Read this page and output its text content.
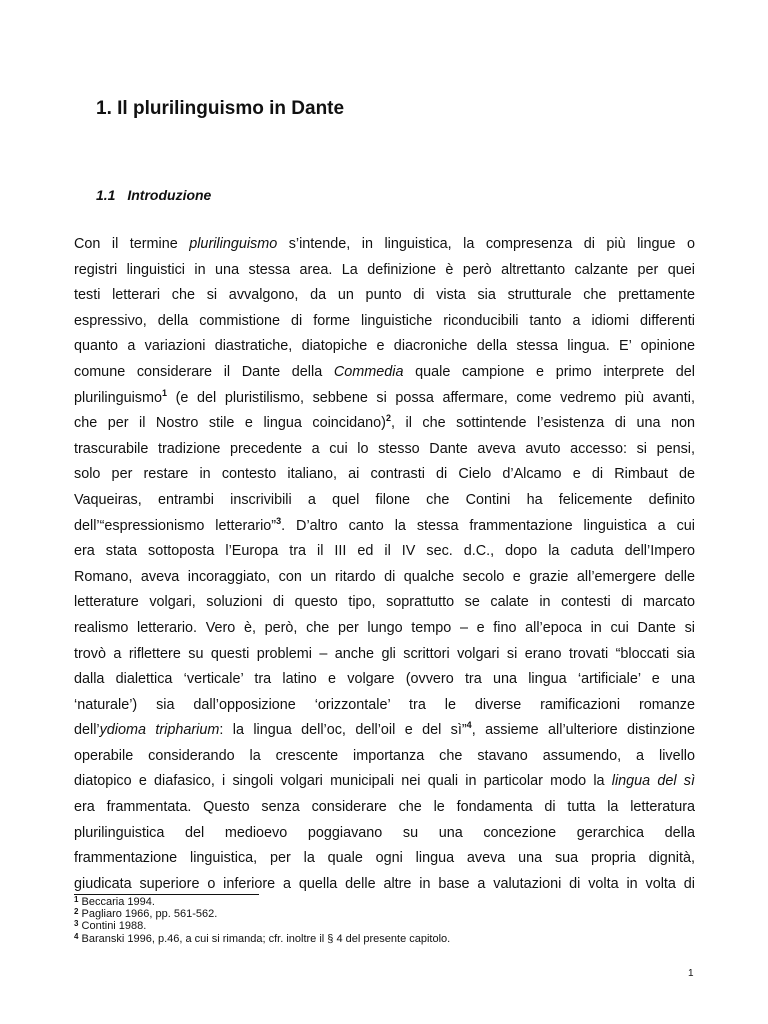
1. Il plurilinguismo in Dante
1.1 Introduzione
Con il termine plurilinguismo s’intende, in linguistica, la compresenza di più lingue o
registri linguistici in una stessa area. La definizione è però altrettanto calzante per quei
testi letterari che si avvalgono, da un punto di vista sia strutturale che prettamente
espressivo, della commistione di forme linguistiche riconducibili tanto a idiomi differenti
quanto a variazioni diastratiche, diatopiche e diacroniche della stessa lingua. E’ opinione
comune considerare il Dante della Commedia quale campione e primo interprete del
plurilinguismo$^1$ (e del pluristilismo, sebbene si possa affermare, come vedremo più avanti,
che per il Nostro stile e lingua coincidano)$^2$, il che sottintende l’esistenza di una non
trascurabile tradizione precedente a cui lo stesso Dante aveva avuto accesso: si pensi,
solo per restare in contesto italiano, ai contrasti di Cielo d’Alcamo e di Rimbaut de
Vaqueiras, entrambi inscrivibili a quel filone che Contini ha felicemente definito
dell’“espressionismo letterario”$^3$. D’altro canto la stessa frammentazione linguistica a cui
era stata sottoposta l’Europa tra il III ed il IV sec. d.C., dopo la caduta dell’Impero
Romano, aveva incoraggiato, con un ritardo di qualche secolo e grazie all’emergere delle
letterature volgari, soluzioni di questo tipo, soprattutto se calate in contesti di marcato
realismo letterario. Vero è, però, che per lungo tempo – e fino all’epoca in cui Dante si
trovò a riflettere su questi problemi – anche gli scrittori volgari si erano trovati “bloccati sia
dalla dialettica ‘verticale’ tra latino e volgare (ovvero tra una lingua ‘artificiale’ e una
‘naturale’) sia dall’opposizione ‘orizzontale’ tra le diverse ramificazioni romanze
dell’ydioma tripharium: la lingua dell’oc, dell’oil e del sì”$^4$, assieme all’ulteriore distinzione
operabile considerando la crescente importanza che stavano assumendo, a livello
diatopico e diafasico, i singoli volgari municipali nei quali in particolar modo la lingua del sì
era frammentata. Questo senza considerare che le fondamenta di tutta la letteratura
plurilinguistica del medioevo poggiavano su una concezione gerarchica della
frammentazione linguistica, per la quale ogni lingua aveva una sua propria dignità,
giudicata superiore o inferiore a quella delle altre in base a valutazioni di volta in volta di
$^1$ Beccaria 1994.
$^2$ Pagliaro 1966, pp. 561-562.
$^3$ Contini 1988.
$^4$ Baranski 1996, p.46, a cui si rimanda; cfr. inoltre il § 4 del presente capitolo.
1
